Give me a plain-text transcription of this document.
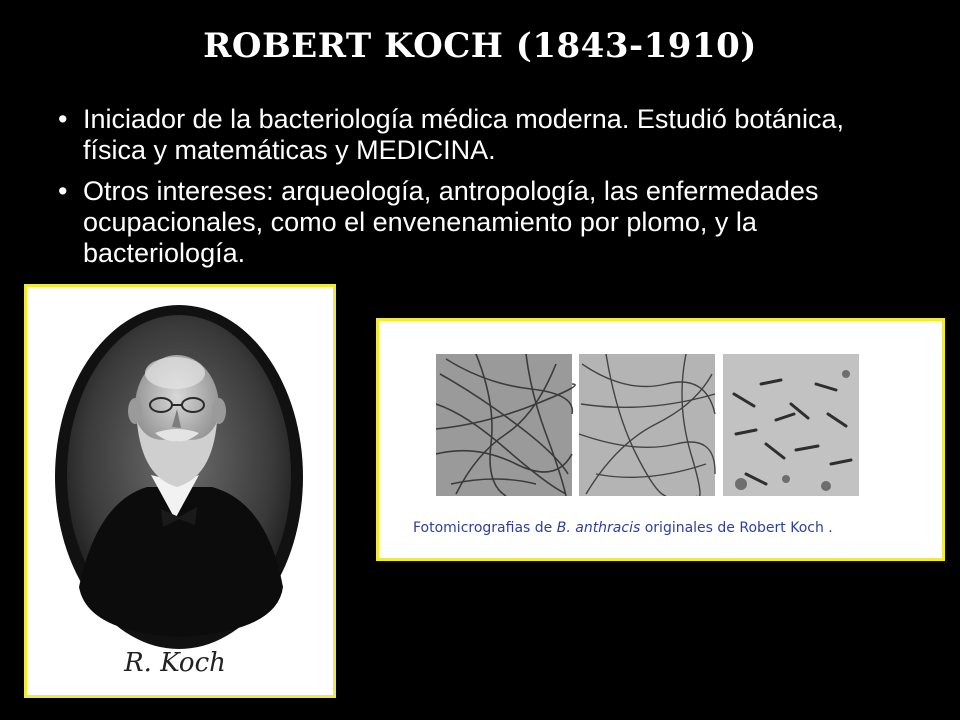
ROBERT KOCH (1843-1910)
• Iniciador de la bacteriología médica moderna. Estudió botánica, física y matemáticas y MEDICINA.
• Otros intereses: arqueología, antropología, las enfermedades ocupacionales, como el envenenamiento por plomo, y la bacteriología.
R. Koch
Fotomicrografias de B. anthracis originales de Robert Koch .
